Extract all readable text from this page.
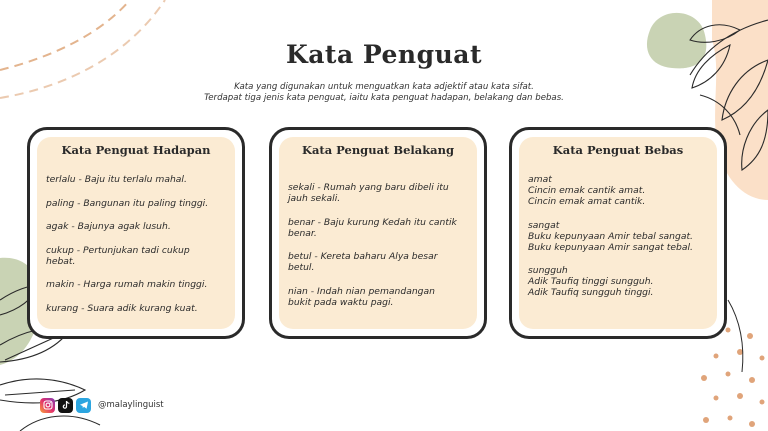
Kata Penguat
Kata yang digunakan untuk menguatkan kata adjektif atau kata sifat.
Terdapat tiga jenis kata penguat, iaitu kata penguat hadapan, belakang dan bebas.
Kata Penguat Hadapan
terlalu - Baju itu terlalu mahal.
paling - Bangunan itu paling tinggi.
agak - Bajunya agak lusuh.
cukup - Pertunjukan tadi cukup
hebat.
makin - Harga rumah makin tinggi.
kurang - Suara adik kurang kuat.
Kata Penguat Belakang
sekali - Rumah yang baru dibeli itu
jauh sekali.
benar - Baju kurung Kedah itu cantik
benar.
betul - Kereta baharu Alya besar
betul.
nian - Indah nian pemandangan
bukit pada waktu pagi.
Kata Penguat Bebas
amat
Cincin emak cantik amat.
Cincin emak amat cantik.
sangat
Buku kepunyaan Amir tebal sangat.
Buku kepunyaan Amir sangat tebal.
sungguh
Adik Taufiq tinggi sungguh.
Adik Taufiq sungguh tinggi.
@malaylinguist
